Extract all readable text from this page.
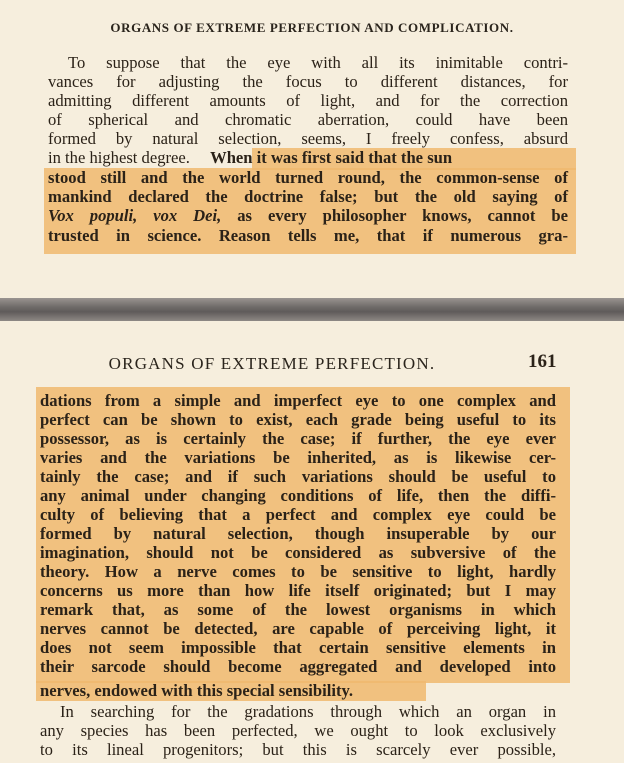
ORGANS OF EXTREME PERFECTION AND COMPLICATION.
To suppose that the eye with all its inimitable contri-
vances for adjusting the focus to different distances, for
admitting different amounts of light, and for the correction
of spherical and chromatic aberration, could have been
formed by natural selection, seems, I freely confess, absurd
in the highest degree. When it was first said that the sun
stood still and the world turned round, the common-sense of
mankind declared the doctrine false; but the old saying of
Vox populi, vox Dei, as every philosopher knows, cannot be
trusted in science. Reason tells me, that if numerous gra-
ORGANS OF EXTREME PERFECTION.	161
dations from a simple and imperfect eye to one complex and
perfect can be shown to exist, each grade being useful to its
possessor, as is certainly the case; if further, the eye ever
varies and the variations be inherited, as is likewise cer-
tainly the case; and if such variations should be useful to
any animal under changing conditions of life, then the diffi-
culty of believing that a perfect and complex eye could be
formed by natural selection, though insuperable by our
imagination, should not be considered as subversive of the
theory. How a nerve comes to be sensitive to light, hardly
concerns us more than how life itself originated; but I may
remark that, as some of the lowest organisms in which
nerves cannot be detected, are capable of perceiving light, it
does not seem impossible that certain sensitive elements in
their sarcode should become aggregated and developed into
nerves, endowed with this special sensibility.
In searching for the gradations through which an organ in
any species has been perfected, we ought to look exclusively
to its lineal progenitors; but this is scarcely ever possible,
